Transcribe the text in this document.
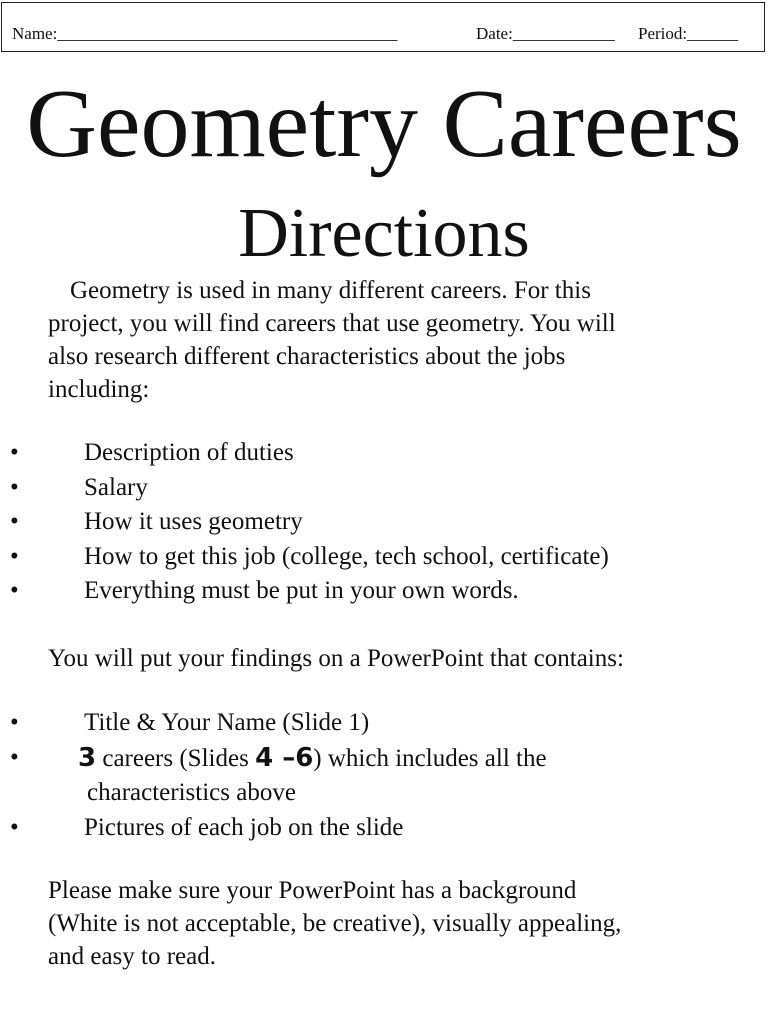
Name:________________________________________	Date:____________ Period:______
Geometry Careers
Directions
Geometry is used in many different careers. For this
project, you will find careers that use geometry. You will
also research different characteristics about the jobs
including:
•	Description of duties
•	Salary
•	How it uses geometry
•	How to get this job (college, tech school, certificate)
•	Everything must be put in your own words.
You will put your findings on a PowerPoint that contains:
•	Title & Your Name (Slide 1)
• 3 careers (Slides 4 –6) which includes all the
characteristics above
•	Pictures of each job on the slide
Please make sure your PowerPoint has a background
(White is not acceptable, be creative), visually appealing,
and easy to read.
